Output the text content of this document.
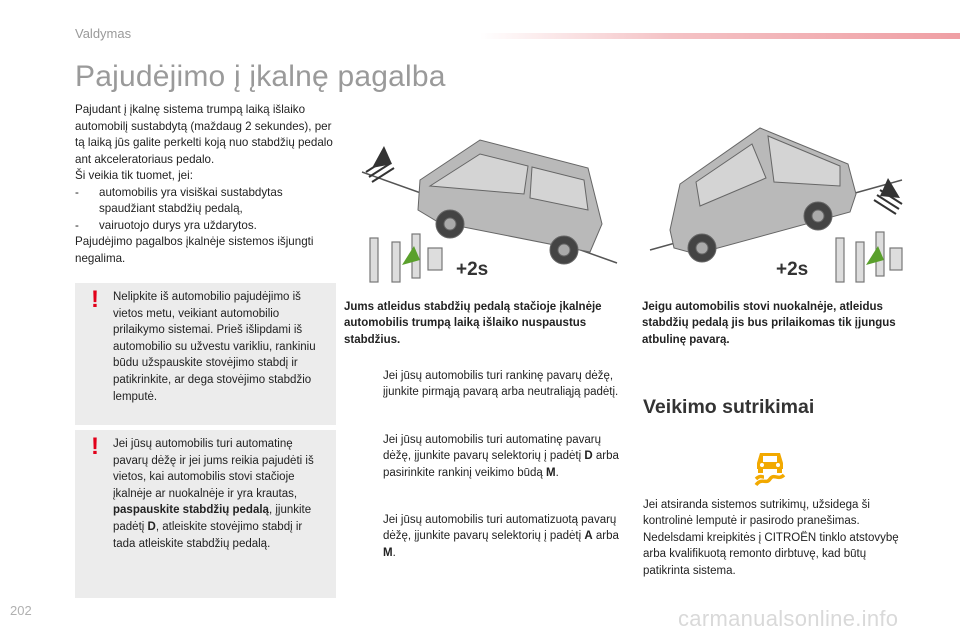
Valdymas
Pajudėjimo į įkalnę pagalba

Pajudant į įkalnę sistema trumpą laiką išlaiko automobilį sustabdytą (maždaug 2 sekundes), per tą laiką jūs galite perkelti koją nuo stabdžių pedalo ant akceleratoriaus pedalo.

Ši veikia tik tuomet, jei:

-	automobilis yra visiškai sustabdytas spaudžiant stabdžių pedalą,
-	vairuotojo durys yra uždarytos.

Pajudėjimo pagalbos įkalnėje sistemos išjungti negalima.

! Nelipkite iš automobilio pajudėjimo iš vietos metu, veikiant automobilio prilaikymo sistemai. Prieš išlipdami iš automobilio su užvestu varikliu, rankiniu būdu užspauskite stovėjimo stabdį ir patikrinkite, ar dega stovėjimo stabdžio lemputė.
! Jei jūsų automobilis turi automatinę pavarų dėžę ir jei jums reikia pajudėti iš vietos, kai automobilis stovi stačioje įkalnėje ar nuokalnėje ir yra krautas, paspauskite stabdžių pedalą, įjunkite padėtį D, atleiskite stovėjimo stabdį ir tada atleiskite stabdžių pedalą.
+2s	+2s
Jums atleidus stabdžių pedalą stačioje įkalnėje automobilis trumpą laiką išlaiko nuspaustus stabdžius.
Jeigu automobilis stovi nuokalnėje, atleidus stabdžių pedalą jis bus prilaikomas tik įjungus atbulinę pavarą.
Jei jūsų automobilis turi rankinę pavarų dėžę, įjunkite pirmąją pavarą arba neutraliąją padėtį.
Jei jūsų automobilis turi automatinę pavarų dėžę, įjunkite pavarų selektorių į padėtį D arba pasirinkite rankinį veikimo būdą M.
Jei jūsų automobilis turi automatizuotą pavarų dėžę, įjunkite pavarų selektorių į padėtį A arba M.
Veikimo sutrikimai
Jei atsiranda sistemos sutrikimų, užsidega ši kontrolinė lemputė ir pasirodo pranešimas. Nedelsdami kreipkitės į CITROËN tinklo atstovybę arba kvalifikuotą remonto dirbtuvę, kad būtų patikrinta sistema.
202	carmanualsonline.info
